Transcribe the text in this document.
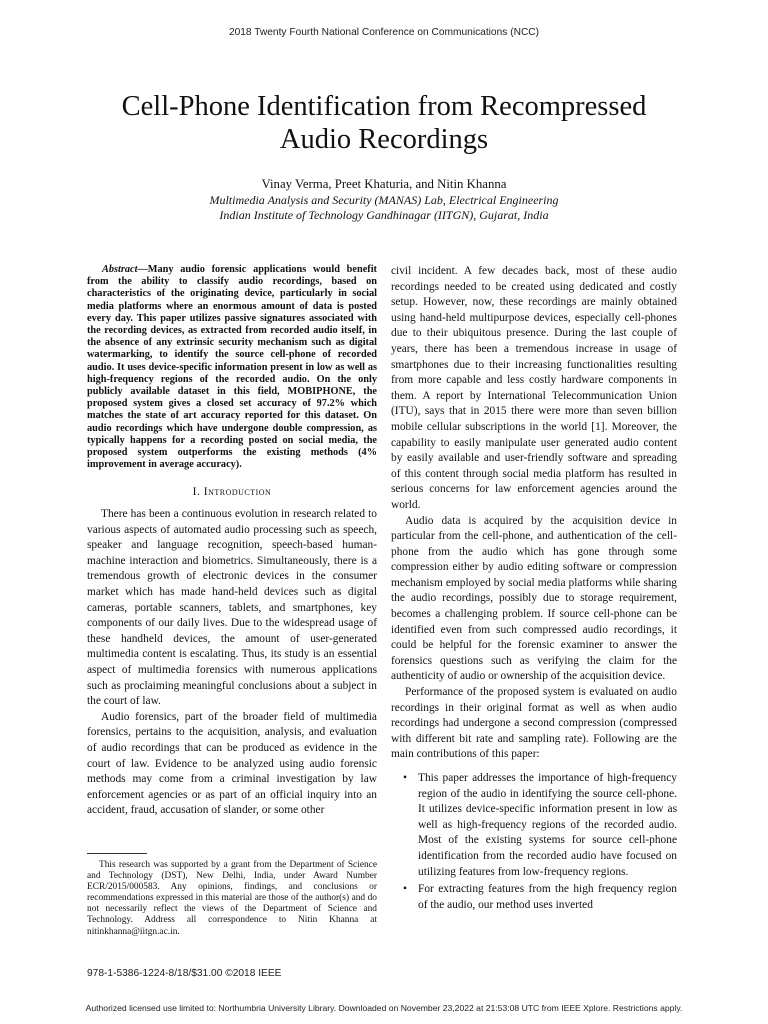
2018 Twenty Fourth National Conference on Communications (NCC)
Cell-Phone Identification from Recompressed
Audio Recordings
Vinay Verma, Preet Khaturia, and Nitin Khanna
Multimedia Analysis and Security (MANAS) Lab, Electrical Engineering
Indian Institute of Technology Gandhinagar (IITGN), Gujarat, India

Abstract—Many audio forensic applications would benefit from the ability to classify audio recordings, based on characteristics of the originating device, particularly in social media platforms where an enormous amount of data is posted every day. This paper utilizes passive signatures associated with the recording devices, as extracted from recorded audio itself, in the absence of any extrinsic security mechanism such as digital watermarking, to identify the source cell-phone of recorded audio. It uses device-specific information present in low as well as high-frequency regions of the recorded audio. On the only publicly available dataset in this field, MOBIPHONE, the proposed system gives a closed set accuracy of 97.2% which matches the state of art accuracy reported for this dataset. On audio recordings which have undergone double compression, as typically happens for a recording posted on social media, the proposed system outperforms the existing methods (4% improvement in average accuracy).

I. Introduction

There has been a continuous evolution in research related to various aspects of automated audio processing such as speech, speaker and language recognition, speech-based human-machine interaction and biometrics. Simultaneously, there is a tremendous growth of electronic devices in the consumer market which has made hand-held devices such as digital cameras, portable scanners, tablets, and smartphones, key components of our daily lives. Due to the widespread usage of these handheld devices, the amount of user-generated multimedia content is escalating. Thus, its study is an essential aspect of multimedia forensics with numerous applications such as proclaiming meaningful conclusions about a subject in the court of law.

Audio forensics, part of the broader field of multimedia forensics, pertains to the acquisition, analysis, and evaluation of audio recordings that can be produced as evidence in the court of law. Evidence to be analyzed using audio forensic methods may come from a criminal investigation by law enforcement agencies or as part of an official inquiry into an accident, fraud, accusation of slander, or some other

This research was supported by a grant from the Department of Science and Technology (DST), New Delhi, India, under Award Number ECR/2015/000583. Any opinions, findings, and conclusions or recommendations expressed in this material are those of the author(s) and do not necessarily reflect the views of the Department of Science and Technology. Address all correspondence to Nitin Khanna at nitinkhanna@iitgn.ac.in.

civil incident. A few decades back, most of these audio recordings needed to be created using dedicated and costly setup. However, now, these recordings are mainly obtained using hand-held multipurpose devices, especially cell-phones due to their ubiquitous presence. During the last couple of years, there has been a tremendous increase in usage of smartphones due to their increasing functionalities resulting from more capable and less costly hardware components in them. A report by International Telecommunication Union (ITU), says that in 2015 there were more than seven billion mobile cellular subscriptions in the world [1]. Moreover, the capability to easily manipulate user generated audio content by easily available and user-friendly software and spreading of this content through social media platform has resulted in serious concerns for law enforcement agencies around the world.

Audio data is acquired by the acquisition device in particular from the cell-phone, and authentication of the cell-phone from the audio which has gone through some compression either by audio editing software or compression mechanism employed by social media platforms while sharing the audio recordings, possibly due to storage requirement, becomes a challenging problem. If source cell-phone can be identified even from such compressed audio recordings, it could be helpful for the forensic examiner to answer the forensics questions such as verifying the claim for the authenticity of audio or ownership of the acquisition device.

Performance of the proposed system is evaluated on audio recordings in their original format as well as when audio recordings had undergone a second compression (compressed with different bit rate and sampling rate). Following are the main contributions of this paper:

• This paper addresses the importance of high-frequency region of the audio in identifying the source cell-phone. It utilizes device-specific information present in low as well as high-frequency regions of the recorded audio. Most of the existing systems for source cell-phone identification from the recorded audio have focused on utilizing features from low-frequency regions.
• For extracting features from the high frequency region of the audio, our method uses inverted
978-1-5386-1224-8/18/$31.00 ©2018 IEEE
Authorized licensed use limited to: Northumbria University Library. Downloaded on November 23,2022 at 21:53:08 UTC from IEEE Xplore. Restrictions apply.
